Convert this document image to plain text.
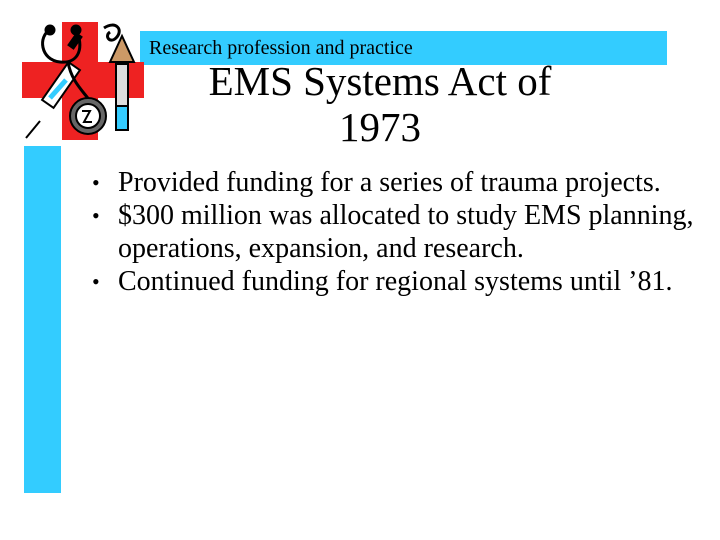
Research profession and practice
EMS Systems Act of 1973
• Provided funding for a series of trauma projects.
• $300 million was allocated to study EMS planning, operations, expansion, and research.
• Continued funding for regional systems until ’81.
